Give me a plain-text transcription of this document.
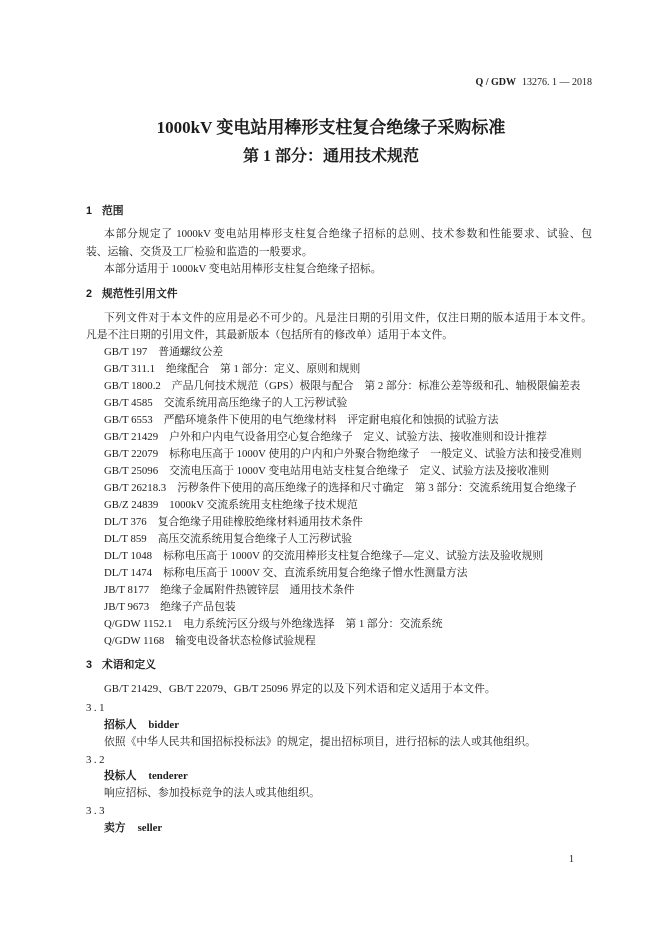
Q / GDW 13276. 1 — 2018
1000kV 变电站用棒形支柱复合绝缘子采购标准
第 1 部分：通用技术规范
1 范围
本部分规定了 1000kV 变电站用棒形支柱复合绝缘子招标的总则、技术参数和性能要求、试验、包
装、运输、交货及工厂检验和监造的一般要求。
本部分适用于 1000kV 变电站用棒形支柱复合绝缘子招标。
2 规范性引用文件
下列文件对于本文件的应用是必不可少的。凡是注日期的引用文件，仅注日期的版本适用于本文件。
凡是不注日期的引用文件，其最新版本（包括所有的修改单）适用于本文件。
GB/T 197 普通螺纹公差
GB/T 311.1 绝缘配合　第 1 部分：定义、原则和规则
GB/T 1800.2 产品几何技术规范（GPS）极限与配合　第 2 部分：标准公差等级和孔、轴极限偏差表
GB/T 4585 交流系统用高压绝缘子的人工污秽试验
GB/T 6553 严酷环境条件下使用的电气绝缘材料　评定耐电痕化和蚀损的试验方法
GB/T 21429 户外和户内电气设备用空心复合绝缘子　定义、试验方法、接收准则和设计推荐
GB/T 22079 标称电压高于 1000V 使用的户内和户外聚合物绝缘子　一般定义、试验方法和接受准则
GB/T 25096 交流电压高于 1000V 变电站用电站支柱复合绝缘子　定义、试验方法及接收准则
GB/T 26218.3 污秽条件下使用的高压绝缘子的选择和尺寸确定　第 3 部分：交流系统用复合绝缘子
GB/Z 24839 1000kV 交流系统用支柱绝缘子技术规范
DL/T 376 复合绝缘子用硅橡胶绝缘材料通用技术条件
DL/T 859 高压交流系统用复合绝缘子人工污秽试验
DL/T 1048 标称电压高于 1000V 的交流用棒形支柱复合绝缘子—定义、试验方法及验收规则
DL/T 1474 标称电压高于 1000V 交、直流系统用复合绝缘子憎水性测量方法
JB/T 8177 绝缘子金属附件热镀锌层　通用技术条件
JB/T 9673 绝缘子产品包装
Q/GDW 1152.1 电力系统污区分级与外绝缘选择　第 1 部分：交流系统
Q/GDW 1168 输变电设备状态检修试验规程
3 术语和定义
GB/T 21429、GB/T 22079、GB/T 25096 界定的以及下列术语和定义适用于本文件。
3.1
招标人 bidder
依照《中华人民共和国招标投标法》的规定，提出招标项目，进行招标的法人或其他组织。
3.2
投标人 tenderer
响应招标、参加投标竞争的法人或其他组织。
3.3
卖方 seller
1
